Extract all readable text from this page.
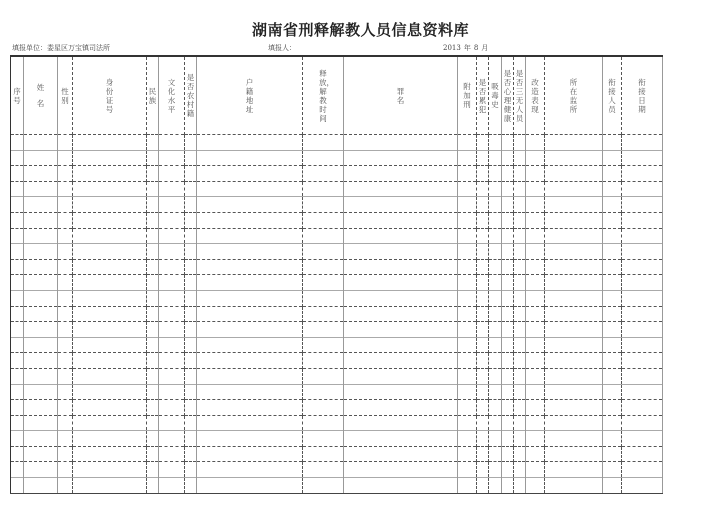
湖南省刑释解教人员信息资料库
填报单位：娄星区万宝镇司法所	填报人：	2013 年 8 月
序号	姓名	性别	身份证号	民族	文化水平	是否农村籍	户籍地址	释放，解教时间	罪名	附加刑	是否累犯	吸毒史	是否心理健康	是否三无人员	改造表现	所在监所	衔接人员	衔接日期
